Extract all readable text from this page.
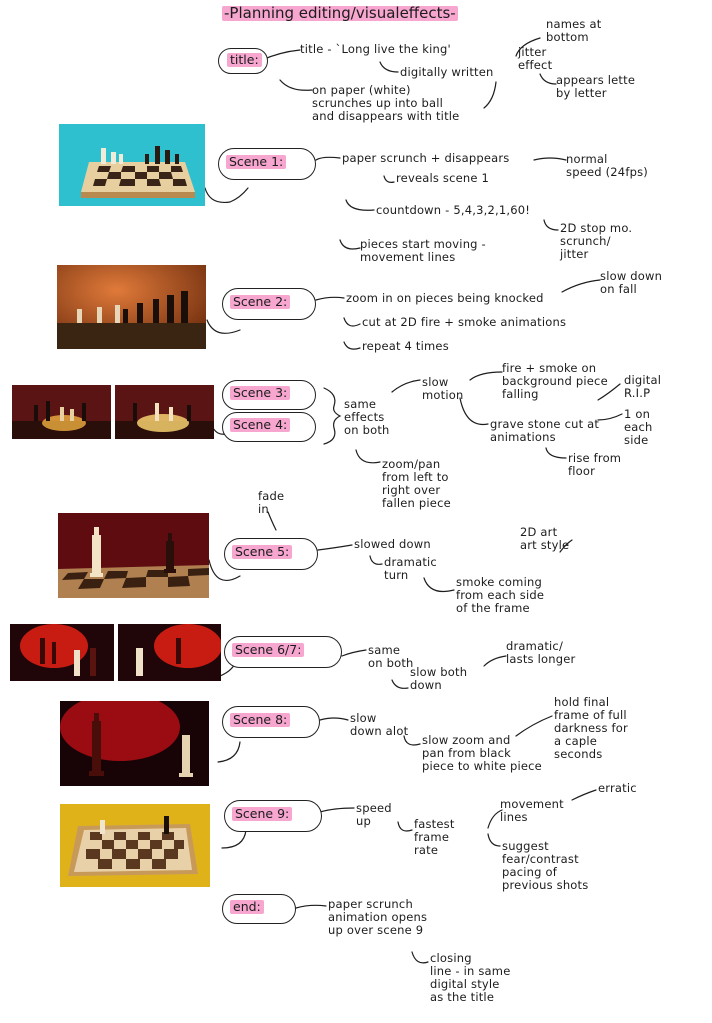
-Planning editing/visualeffects-
title:
title - `Long live the king'
digitally written
on paper (white)
scrunches up into ball
and disappears with title
names at
bottom
jitter
effect
appears lette
by letter
Scene 1:	paper scrunch + disappears
reveals scene 1
normal
speed (24fps)
countdown - 5,4,3,2,1,60!
2D stop mo.
scrunch/
jitter
pieces start moving -
movement lines
Scene 2:	zoom in on pieces being knocked
slow down
on fall
cut at 2D fire + smoke animations
repeat 4 times
Scene 3:
Scene 4:
same
effects
on both
slow
motion
fire + smoke on
background piece
falling
digital
R.I.P
grave stone cut at
animations
1 on
each
side
rise from
floor
zoom/pan
from left to
right over
fallen piece
Scene 5:
fade
in
slowed down
dramatic
turn
2D art
art style
smoke coming
from each side
of the frame
Scene 6/7:	same
on both
slow both
down
dramatic/
lasts longer
Scene 8:	slow
down alot
slow zoom and
pan from black
piece to white piece
hold final
frame of full
darkness for
a caple
seconds
Scene 9:	speed
up	fastest
frame
rate
movement
lines
erratic
suggest
fear/contrast
pacing of
previous shots
end:	paper scrunch
animation opens
up over scene 9
closing
line - in same
digital style
as the title
